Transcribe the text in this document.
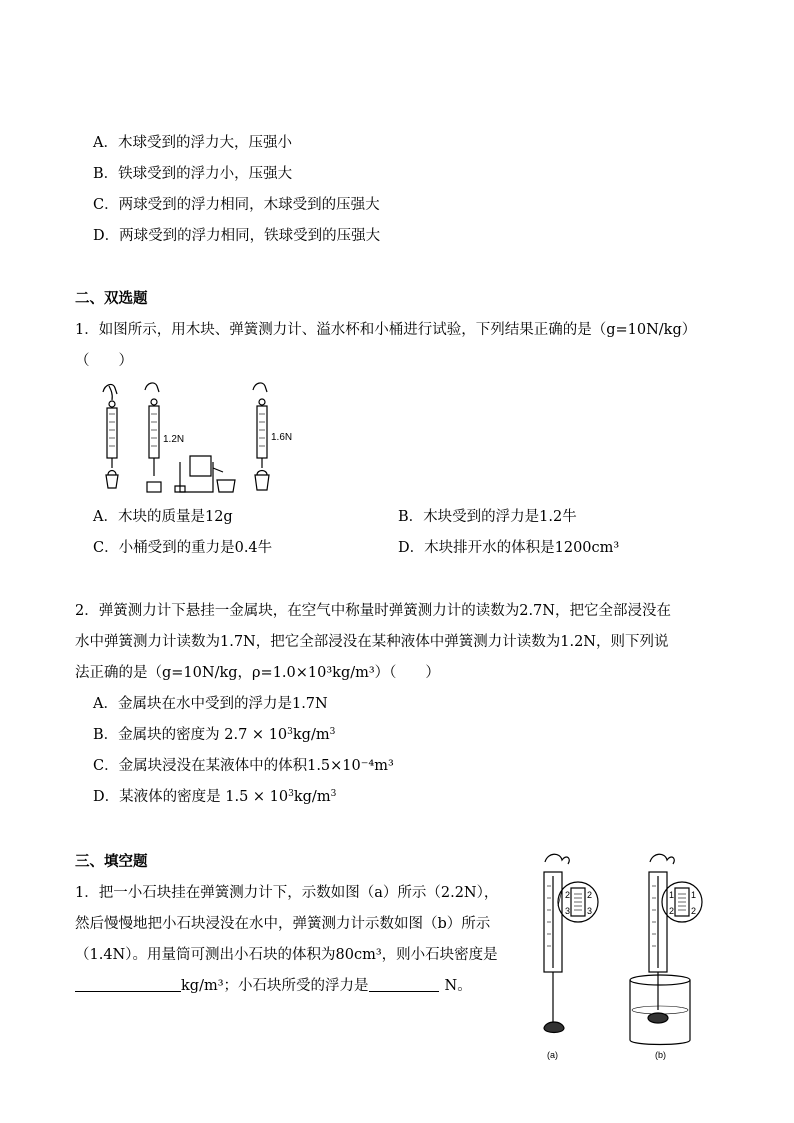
A．木球受到的浮力大，压强小
B．铁球受到的浮力小，压强大
C．两球受到的浮力相同，木球受到的压强大
D．两球受到的浮力相同，铁球受到的压强大
二、双选题
1．如图所示，用木块、弹簧测力计、溢水杯和小桶进行试验，下列结果正确的是（g=10N/kg）
（　　）
1.2N	1.6N
A．木块的质量是12g	B．木块受到的浮力是1.2牛
C．小桶受到的重力是0.4牛	D．木块排开水的体积是1200cm³
2．弹簧测力计下悬挂一金属块，在空气中称量时弹簧测力计的读数为2.7N，把它全部浸没在
水中弹簧测力计读数为1.7N，把它全部浸没在某种液体中弹簧测力计读数为1.2N，则下列说
法正确的是（g=10N/kg，ρ=1.0×10³kg/m³）（　　）
A．金属块在水中受到的浮力是1.7N
B．金属块的密度为 $2.7 \times 10^3kg/m^3$
C．金属块浸没在某液体中的体积1.5×10⁻⁴m³
D．某液体的密度是 $1.5 \times 10^3kg/m^3$
三、填空题
1．把一小石块挂在弹簧测力计下，示数如图（a）所示（2.2N），
然后慢慢地把小石块浸没在水中，弹簧测力计示数如图（b）所示
（1.4N）。用量筒可测出小石块的体积为80cm³，则小石块密度是
kg/m³；小石块所受的浮力是	N。
2 2
3 3
1 1
2 2
(a)	(b)
